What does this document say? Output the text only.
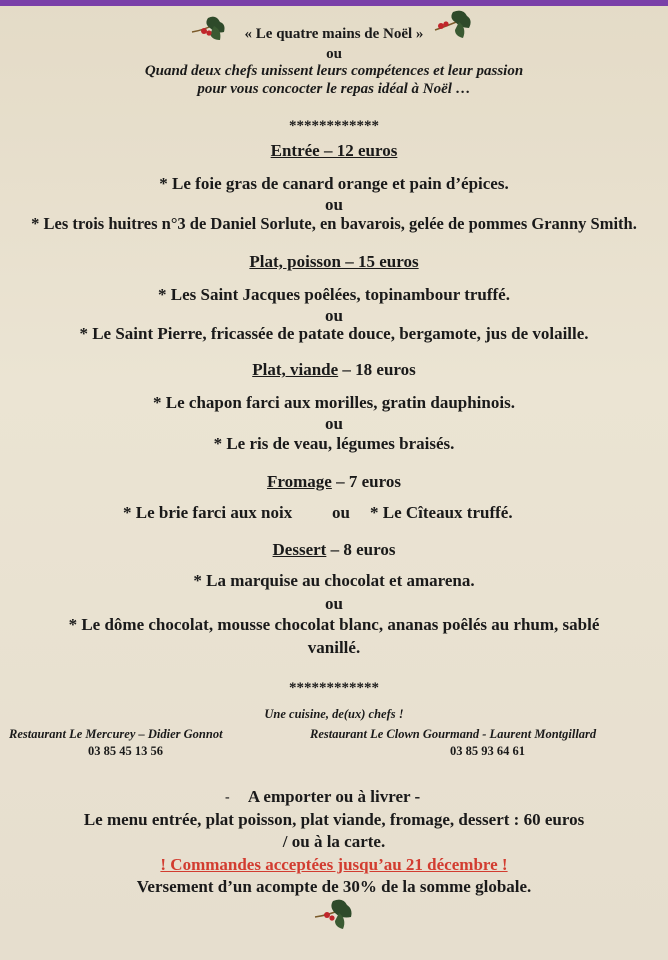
« Le quatre mains de Noël »
ou
Quand deux chefs unissent leurs compétences et leur passion
pour vous concocter le repas idéal à Noël …
************
Entrée – 12 euros
* Le foie gras de canard orange et pain d’épices.
ou
* Les trois huitres n°3 de Daniel Sorlute, en bavarois, gelée de pommes Granny Smith.
Plat, poisson – 15 euros
* Les Saint Jacques poêlées, topinambour truffé.
ou
* Le Saint Pierre, fricassée de patate douce, bergamote, jus de volaille.
Plat, viande – 18 euros
* Le chapon farci aux morilles, gratin dauphinois.
ou
* Le ris de veau, légumes braisés.
Fromage – 7 euros
* Le brie farci aux noix ou * Le Cîteaux truffé.
Dessert – 8 euros
* La marquise au chocolat et amarena.
ou
* Le dôme chocolat, mousse chocolat blanc, ananas poêlés au rhum, sablé
vanillé.
************
Une cuisine, de(ux) chefs !
Restaurant Le Mercurey – Didier Gonnot
03 85 45 13 56
Restaurant Le Clown Gourmand - Laurent Montgillard
03 85 93 64 61
-	A emporter ou à livrer -
Le menu entrée, plat poisson, plat viande, fromage, dessert : 60 euros
/ ou à la carte.
! Commandes acceptées jusqu’au 21 décembre !
Versement d’un acompte de 30% de la somme globale.
